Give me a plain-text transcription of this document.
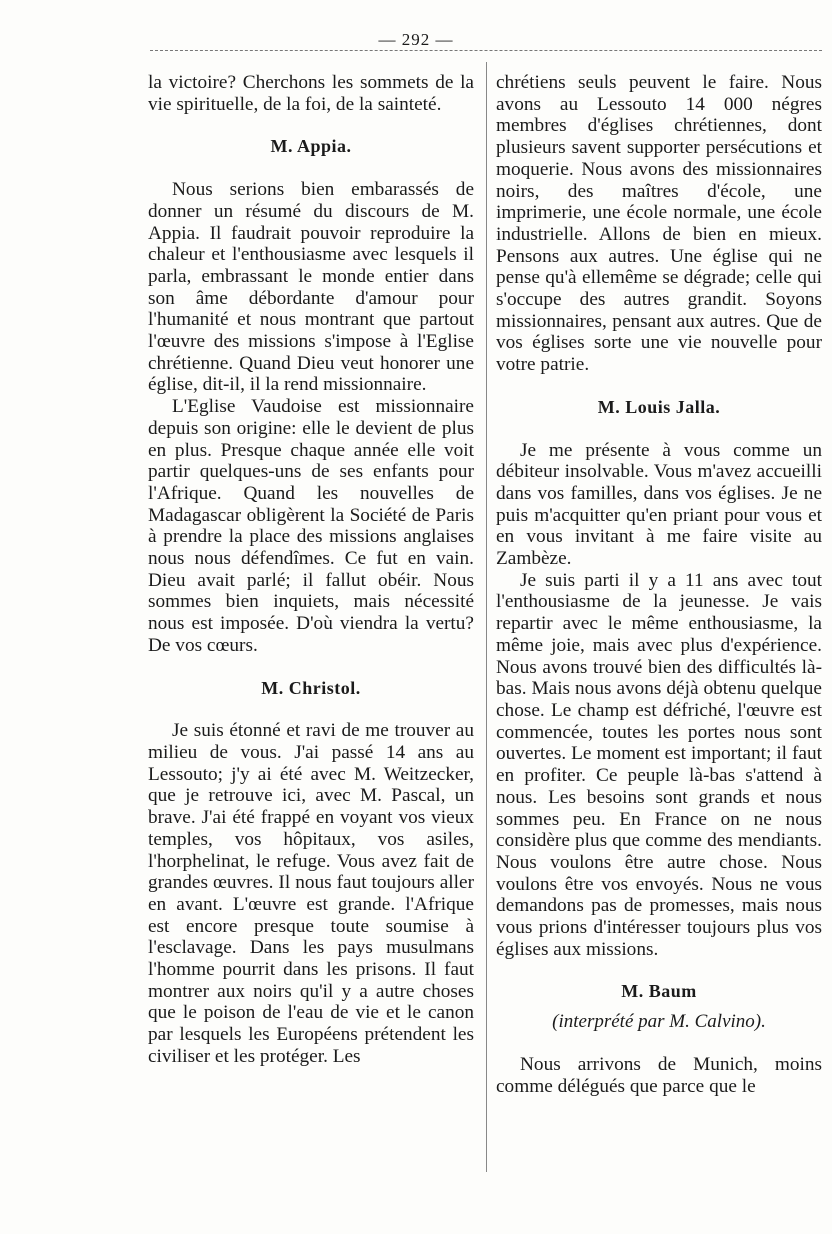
— 292 —

la victoire? Cherchons les sommets de la vie spirituelle, de la foi, de la sainteté.

M. Appia.

Nous serions bien embarassés de donner un résumé du discours de M. Appia. Il faudrait pouvoir reproduire la chaleur et l'enthousiasme avec lesquels il parla, embrassant le monde entier dans son âme débordante d'amour pour l'humanité et nous montrant que partout l'œuvre des missions s'impose à l'Eglise chrétienne. Quand Dieu veut honorer une église, dit-il, il la rend missionnaire.

L'Eglise Vaudoise est missionnaire depuis son origine: elle le devient de plus en plus. Presque chaque année elle voit partir quelques-uns de ses enfants pour l'Afrique. Quand les nouvelles de Madagascar obligèrent la Société de Paris à prendre la place des missions anglaises nous nous défendîmes. Ce fut en vain. Dieu avait parlé; il fallut obéir. Nous sommes bien inquiets, mais nécessité nous est imposée. D'où viendra la vertu? De vos cœurs.

M. Christol.

Je suis étonné et ravi de me trouver au milieu de vous. J'ai passé 14 ans au Lessouto; j'y ai été avec M. Weitzecker, que je retrouve ici, avec M. Pascal, un brave. J'ai été frappé en voyant vos vieux temples, vos hôpitaux, vos asiles, l'horphelinat, le refuge. Vous avez fait de grandes œuvres. Il nous faut toujours aller en avant. L'œuvre est grande. l'Afrique est encore presque toute soumise à l'esclavage. Dans les pays musulmans l'homme pourrit dans les prisons. Il faut montrer aux noirs qu'il y a autre choses que le poison de l'eau de vie et le canon par lesquels les Européens prétendent les civiliser et les protéger. Les

chrétiens seuls peuvent le faire. Nous avons au Lessouto 14 000 négres membres d'églises chrétiennes, dont plusieurs savent supporter persécutions et moquerie. Nous avons des missionnaires noirs, des maîtres d'école, une imprimerie, une école normale, une école industrielle. Allons de bien en mieux. Pensons aux autres. Une église qui ne pense qu'à ellemême se dégrade; celle qui s'occupe des autres grandit. Soyons missionnaires, pensant aux autres. Que de vos églises sorte une vie nouvelle pour votre patrie.

M. Louis Jalla.

Je me présente à vous comme un débiteur insolvable. Vous m'avez accueilli dans vos familles, dans vos églises. Je ne puis m'acquitter qu'en priant pour vous et en vous invitant à me faire visite au Zambèze.

Je suis parti il y a 11 ans avec tout l'enthousiasme de la jeunesse. Je vais repartir avec le même enthousiasme, la même joie, mais avec plus d'expérience. Nous avons trouvé bien des difficultés là-bas. Mais nous avons déjà obtenu quelque chose. Le champ est défriché, l'œuvre est commencée, toutes les portes nous sont ouvertes. Le moment est important; il faut en profiter. Ce peuple là-bas s'attend à nous. Les besoins sont grands et nous sommes peu. En France on ne nous considère plus que comme des mendiants. Nous voulons être autre chose. Nous voulons être vos envoyés. Nous ne vous demandons pas de promesses, mais nous vous prions d'intéresser toujours plus vos églises aux missions.

M. Baum

(interprété par M. Calvino).

Nous arrivons de Munich, moins comme délégués que parce que le
